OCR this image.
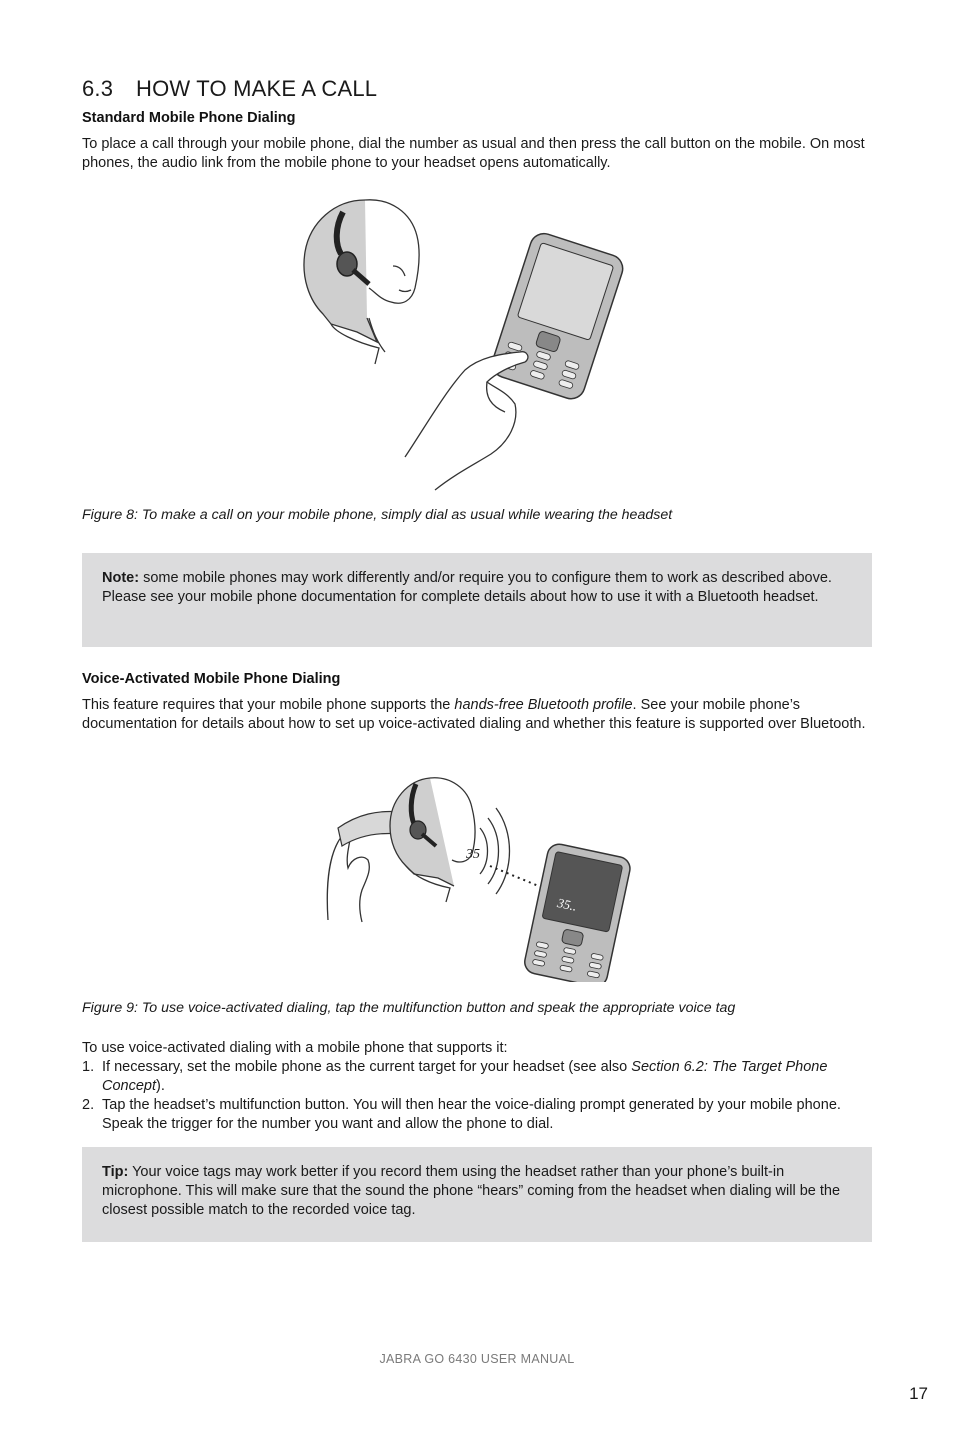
6.3 HOW TO MAKE A CALL
Standard Mobile Phone Dialing

To place a call through your mobile phone, dial the number as usual and then press the call button on the mobile. On most phones, the audio link from the mobile phone to your headset opens automatically.

Figure 8: To make a call on your mobile phone, simply dial as usual while wearing the headset

Note: some mobile phones may work differently and/or require you to configure them to work as described above. Please see your mobile phone documentation for complete details about how to use it with a Bluetooth headset.

Voice-Activated Mobile Phone Dialing

This feature requires that your mobile phone supports the hands-free Bluetooth profile. See your mobile phone’s documentation for details about how to set up voice-activated dialing and whether this feature is supported over Bluetooth.

35
35..

Figure 9: To use voice-activated dialing, tap the multifunction button and speak the appropriate voice tag

To use voice-activated dialing with a mobile phone that supports it:

1. If necessary, set the mobile phone as the current target for your headset (see also Section 6.2: The Target Phone Concept).
2. Tap the headset’s multifunction button. You will then hear the voice-dialing prompt generated by your mobile phone. Speak the trigger for the number you want and allow the phone to dial.

Tip: Your voice tags may work better if you record them using the headset rather than your phone’s built-in microphone. This will make sure that the sound the phone “hears” coming from the headset when dialing will be the closest possible match to the recorded voice tag.

JABRA GO 6430 USER MANUAL
17
